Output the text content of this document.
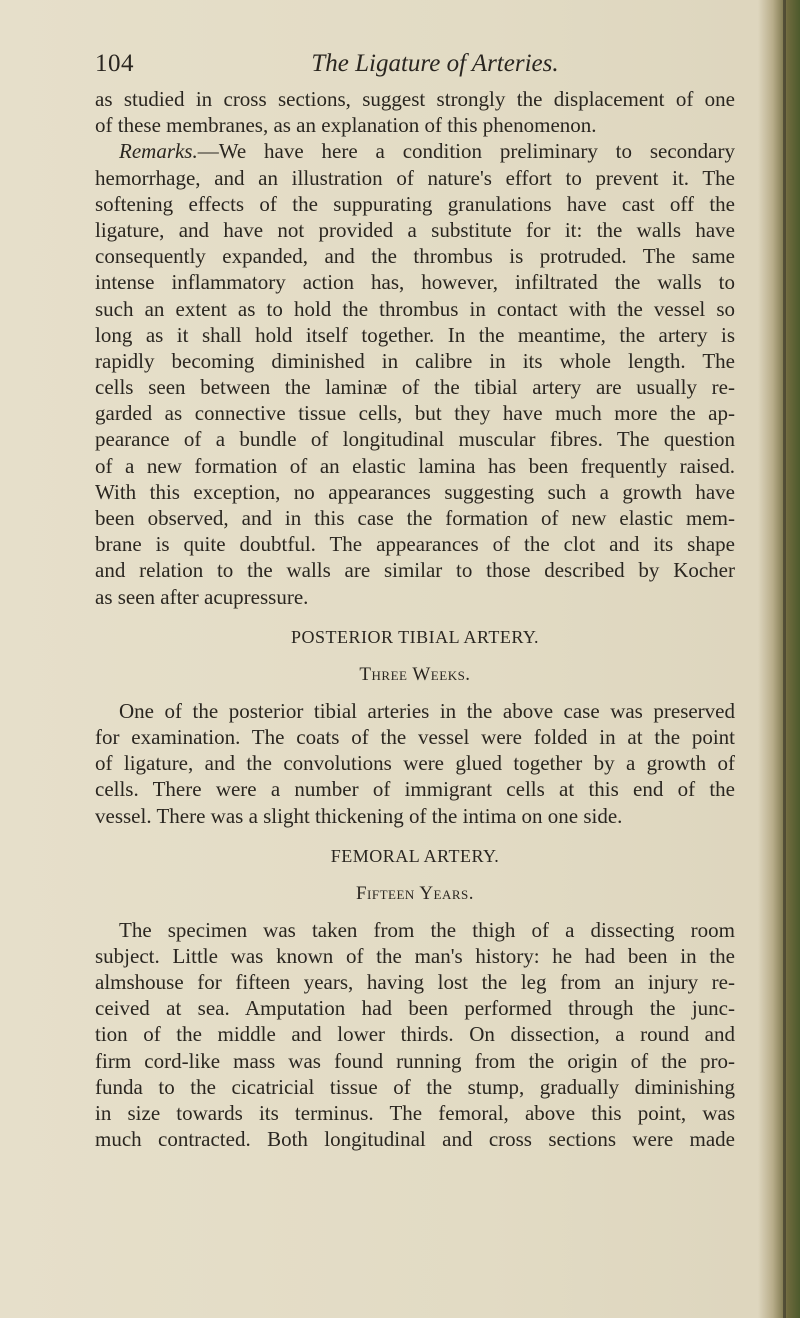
104	The Ligature of Arteries.
as studied in cross sections, suggest strongly the displacement of one
of these membranes, as an explanation of this phenomenon.
Remarks.—We have here a condition preliminary to secondary
hemorrhage, and an illustration of nature's effort to prevent it. The
softening effects of the suppurating granulations have cast off the
ligature, and have not provided a substitute for it: the walls have
consequently expanded, and the thrombus is protruded. The same
intense inflammatory action has, however, infiltrated the walls to
such an extent as to hold the thrombus in contact with the vessel so
long as it shall hold itself together. In the meantime, the artery is
rapidly becoming diminished in calibre in its whole length. The
cells seen between the laminæ of the tibial artery are usually re-
garded as connective tissue cells, but they have much more the ap-
pearance of a bundle of longitudinal muscular fibres. The question
of a new formation of an elastic lamina has been frequently raised.
With this exception, no appearances suggesting such a growth have
been observed, and in this case the formation of new elastic mem-
brane is quite doubtful. The appearances of the clot and its shape
and relation to the walls are similar to those described by Kocher
as seen after acupressure.
POSTERIOR TIBIAL ARTERY.
Three Weeks.
One of the posterior tibial arteries in the above case was preserved
for examination. The coats of the vessel were folded in at the point
of ligature, and the convolutions were glued together by a growth of
cells. There were a number of immigrant cells at this end of the
vessel. There was a slight thickening of the intima on one side.
FEMORAL ARTERY.
Fifteen Years.
The specimen was taken from the thigh of a dissecting room
subject. Little was known of the man's history: he had been in the
almshouse for fifteen years, having lost the leg from an injury re-
ceived at sea. Amputation had been performed through the junc-
tion of the middle and lower thirds. On dissection, a round and
firm cord-like mass was found running from the origin of the pro-
funda to the cicatricial tissue of the stump, gradually diminishing
in size towards its terminus. The femoral, above this point, was
much contracted. Both longitudinal and cross sections were made
